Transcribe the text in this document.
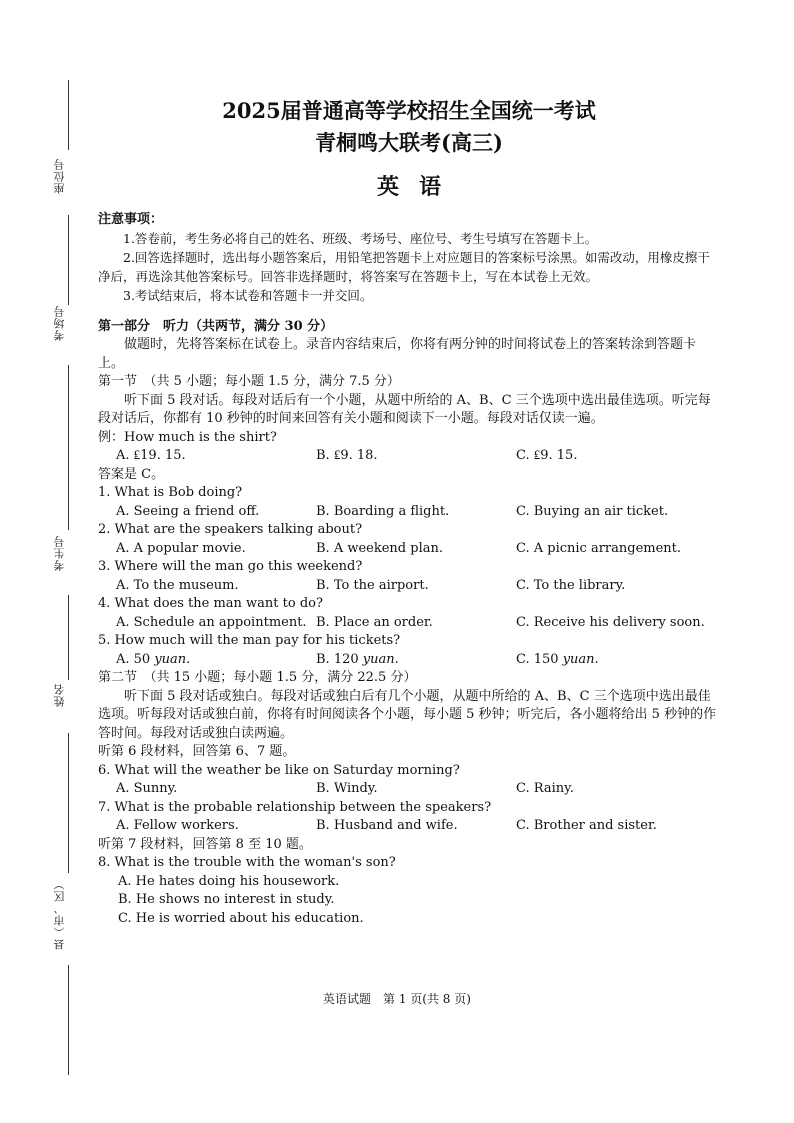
座位号
考场号
考生号
姓名
县（市、区）
2025届普通高等学校招生全国统一考试
青桐鸣大联考(高三)
英语
注意事项：

1.答卷前，考生务必将自己的姓名、班级、考场号、座位号、考生号填写在答题卡上。

2.回答选择题时，选出每小题答案后，用铅笔把答题卡上对应题目的答案标号涂黑。如需改动，用橡皮擦干净后，再选涂其他答案标号。回答非选择题时，将答案写在答题卡上，写在本试卷上无效。

3.考试结束后，将本试卷和答题卡一并交回。

第一部分　听力（共两节，满分 30 分）

做题时，先将答案标在试卷上。录音内容结束后，你将有两分钟的时间将试卷上的答案转涂到答题卡上。

第一节　（共 5 小题；每小题 1.5 分，满分 7.5 分）

听下面 5 段对话。每段对话后有一个小题，从题中所给的 A、B、C 三个选项中选出最佳选项。听完每段对话后，你都有 10 秒钟的时间来回答有关小题和阅读下一小题。每段对话仅读一遍。

例：How much is the shirt?

A. ₤19. 15.	B. ₤9. 18.	C. ₤9. 15.

答案是 C。

1. What is Bob doing?

A. Seeing a friend off.	B. Boarding a flight.	C. Buying an air ticket.

2. What are the speakers talking about?

A. A popular movie.	B. A weekend plan.	C. A picnic arrangement.

3. Where will the man go this weekend?

A. To the museum.	B. To the airport.	C. To the library.

4. What does the man want to do?

A. Schedule an appointment. B. Place an order.	C. Receive his delivery soon.

5. How much will the man pay for his tickets?

A. 50 yuan.	B. 120 yuan.	C. 150 yuan.

第二节　（共 15 小题；每小题 1.5 分，满分 22.5 分）

听下面 5 段对话或独白。每段对话或独白后有几个小题，从题中所给的 A、B、C 三个选项中选出最佳选项。听每段对话或独白前，你将有时间阅读各个小题，每小题 5 秒钟；听完后，各小题将给出 5 秒钟的作答时间。每段对话或独白读两遍。

听第 6 段材料，回答第 6、7 题。

6. What will the weather be like on Saturday morning?

A. Sunny.	B. Windy.	C. Rainy.

7. What is the probable relationship between the speakers?

A. Fellow workers.	B. Husband and wife.	C. Brother and sister.

听第 7 段材料，回答第 8 至 10 题。

8. What is the trouble with the woman's son?

A. He hates doing his housework.
B. He shows no interest in study.
C. He is worried about his education.
英语试题　第 1 页(共 8 页)
